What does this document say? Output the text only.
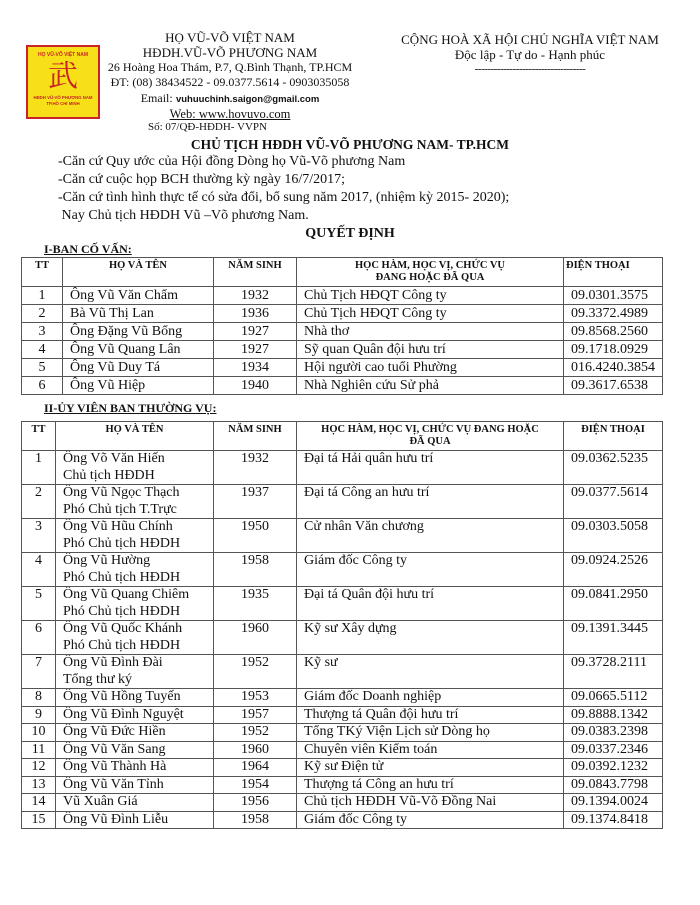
HỌ VŨ-VÕ VIỆT NAM
武
HĐDH VŨ-VÕ PHƯƠNG NAM
TP.HỒ CHÍ MINH
HỌ VŨ-VÕ VIỆT NAM
HĐDH.VŨ-VÕ PHƯƠNG NAM
26 Hoàng Hoa Thám, P.7, Q.Bình Thạnh, TP.HCM
ĐT: (08) 38434522 - 09.0377.5614 - 0903035058
Email: vuhuuchinh.saigon@gmail.com
Web: www.hovuvo.com
Số: 07/QĐ-HĐDH- VVPN
CỘNG HOÀ XÃ HỘI CHỦ NGHĨA VIỆT NAM
Độc lập - Tự do - Hạnh phúc
-----------------------------------
CHỦ TỊCH HĐDH VŨ-VÕ PHƯƠNG NAM- TP.HCM
-Căn cứ Quy ước của Hội đồng Dòng họ Vũ-Võ phương Nam
-Căn cứ cuộc họp BCH thường kỳ ngày 16/7/2017;
-Căn cứ tình hình thực tế có sửa đổi, bổ sung năm 2017, (nhiệm kỳ 2015- 2020);
Nay Chủ tịch HĐDH Vũ –Võ phương Nam.
QUYẾT ĐỊNH
I-BAN CỐ VẤN:
TT	HỌ VÀ TÊN	NĂM SINH	HỌC HÀM, HỌC VỊ, CHỨC VỤ
ĐANG HOẶC ĐÃ QUA	ĐIỆN THOẠI
1	Ông Vũ Văn Chẩm	1932	Chủ Tịch HĐQT Công ty	09.0301.3575
2	Bà Vũ Thị Lan	1936	Chủ Tịch HĐQT Công ty	09.3372.4989
3	Ông Đặng Vũ Bổng	1927	Nhà thơ	09.8568.2560
4	Ông Vũ Quang Lân	1927	Sỹ quan Quân đội hưu trí	09.1718.0929
5	Ông Vũ Duy Tá	1934	Hội người cao tuổi Phường	016.4240.3854
6	Ông Vũ Hiệp	1940	Nhà Nghiên cứu Sử phả	09.3617.6538
II-ỦY VIÊN BAN THƯỜNG VỤ:
TT	HỌ VÀ TÊN	NĂM SINH	HỌC HÀM, HỌC VỊ, CHỨC VỤ ĐANG HOẶC
ĐÃ QUA	ĐIỆN THOẠI
1	Ông Võ Văn Hiến
Chủ tịch HĐDH	1932	Đại tá Hải quân hưu trí	09.0362.5235
2	Ông Vũ Ngọc Thạch
Phó Chủ tịch T.Trực	1937	Đại tá Công an hưu trí	09.0377.5614
3	Ông Vũ Hũu Chính
Phó Chủ tịch HĐDH	1950	Cử nhân Văn chương	09.0303.5058
4	Ông Vũ Hường
Phó Chủ tịch HĐDH	1958	Giám đốc Công ty	09.0924.2526
5	Ông Vũ Quang Chiêm
Phó Chủ tịch HĐDH	1935	Đại tá Quân đội hưu trí	09.0841.2950
6	Ông Vũ Quốc Khánh
Phó Chủ tịch HĐDH	1960	Kỹ sư Xây dựng	09.1391.3445
7	Ông Vũ Đình Đài
Tổng thư ký	1952	Kỹ sư	09.3728.2111
8	Ông Vũ Hồng Tuyến	1953	Giám đốc Doanh nghiệp	09.0665.5112
9	Ông Vũ Đình Nguyệt	1957	Thượng tá Quân đội hưu trí	09.8888.1342
10	Ông Vũ Đức Hiền	1952	Tổng TKý Viện Lịch sử Dòng họ	09.0383.2398
11	Ông Vũ Văn Sang	1960	Chuyên viên Kiểm toán	09.0337.2346
12	Ông Vũ Thành Hà	1964	Kỹ sư Điện tử	09.0392.1232
13	Ông Vũ Văn Tỉnh	1954	Thượng tá Công an hưu trí	09.0843.7798
14	Vũ Xuân Giá	1956	Chủ tịch HĐDH Vũ-Võ Đồng Nai	09.1394.0024
15	Ông Vũ Đình Liễu	1958	Giám đốc Công ty	09.1374.8418
